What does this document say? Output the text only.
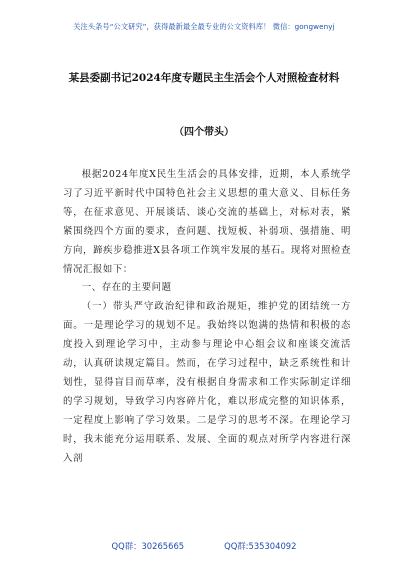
关注头条号“公文研究”，获得最新最全最专业的公文资料库！ 微信：gongwenyj
某县委副书记2024年度专题民主生活会个人对照检查材料
（四个带头）

根据2024年度X民生生活会的具体安排，近期，本人系统学习了习近平新时代中国特色社会主义思想的重大意义、目标任务等，在征求意见、开展谈话、谈心交流的基础上，对标对表，紧紧围绕四个方面的要求，查问题、找短板、补弱项、强措施、明方向，蹄疾步稳推进X县各项工作筑牢发展的基石。现将对照检查情况汇报如下：

一、存在的主要问题

（一）带头严守政治纪律和政治规矩，维护党的团结统一方面。一是理论学习的规划不足。我始终以饱满的热情和积极的态度投入到理论学习中，主动参与理论中心组会议和座谈交流活动，认真研读规定篇目。然而，在学习过程中，缺乏系统性和计划性，显得盲目而草率，没有根据自身需求和工作实际制定详细的学习规划，导致学习内容碎片化，难以形成完整的知识体系，一定程度上影响了学习效果。二是学习的思考不深。在理论学习时，我未能充分运用联系、发展、全面的观点对所学内容进行深入剖

QQ群：30265665	QQ群:535304092
